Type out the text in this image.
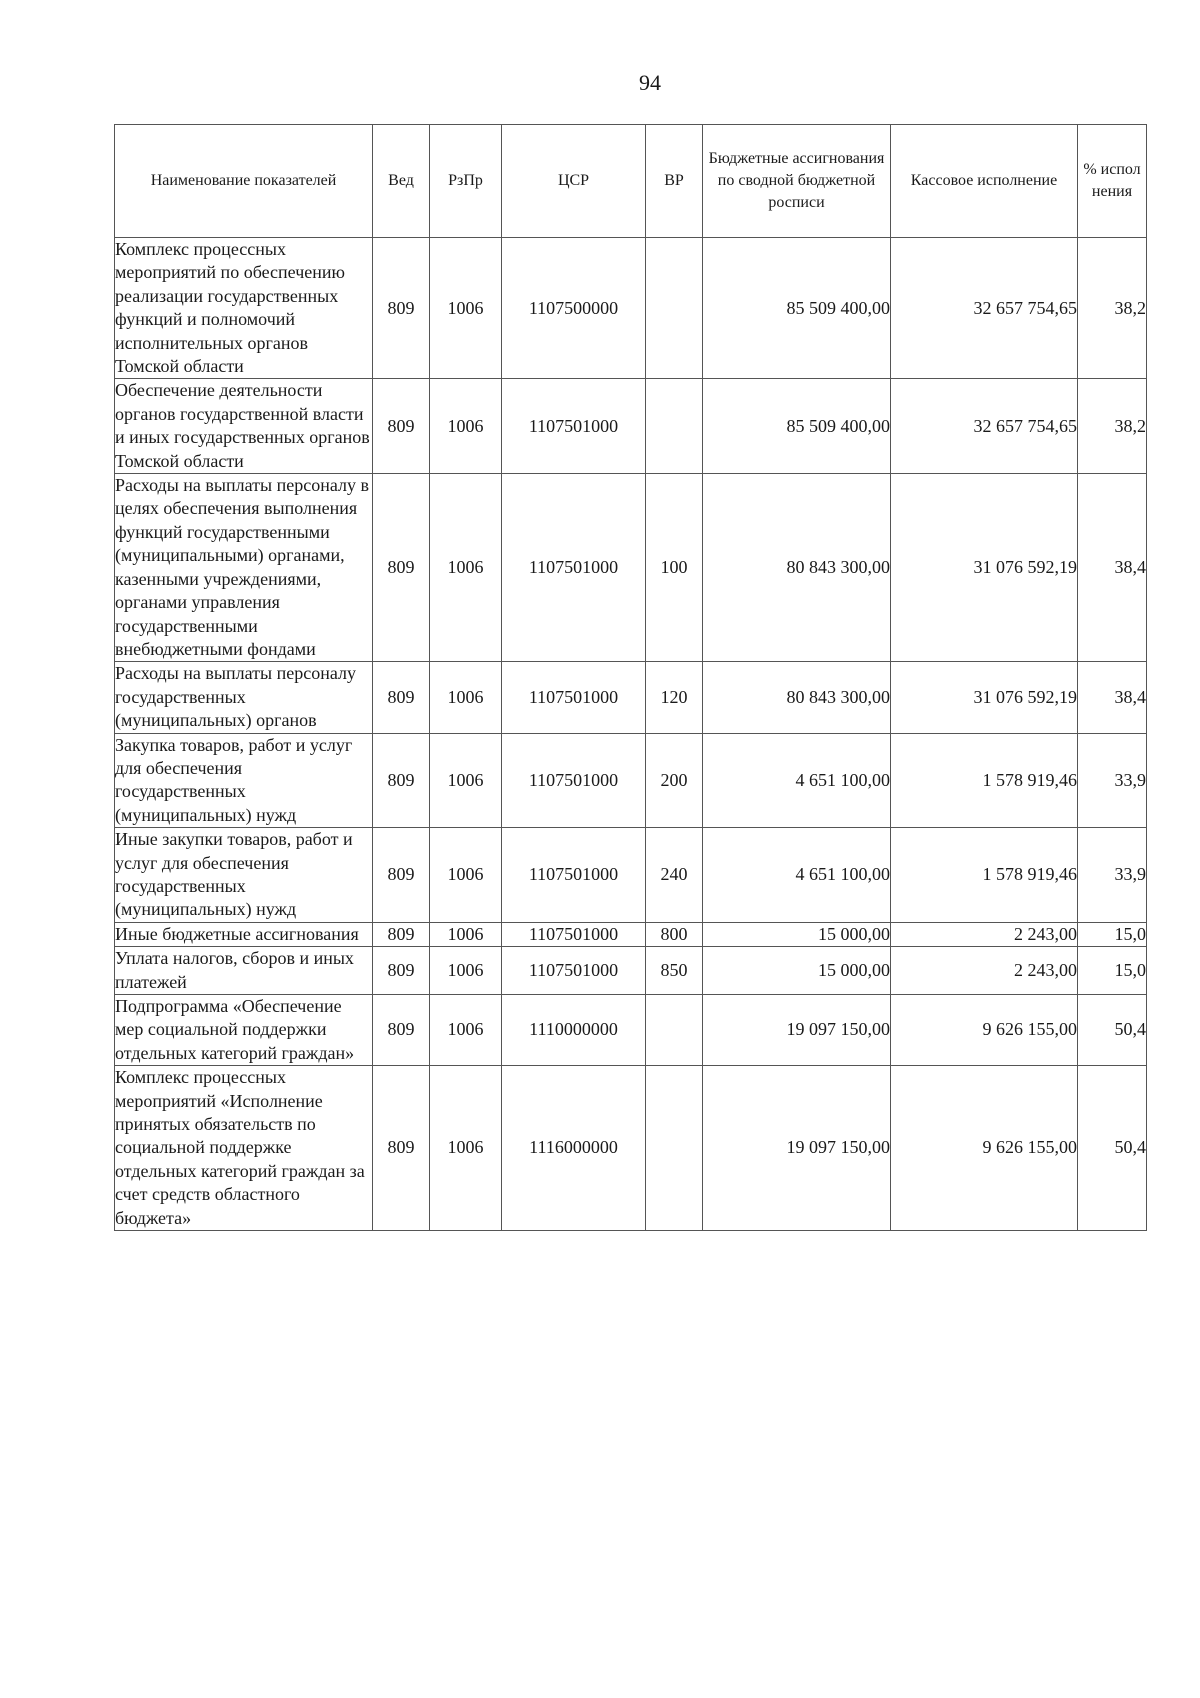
94
Наименование показателей	Вед	РзПр	ЦСР	ВР	Бюджетные ассигнования по сводной бюджетной росписи	Кассовое исполнение	% испол нения
Комплекс процессных мероприятий по обеспечению реализации государственных функций и полномочий исполнительных органов Томской области	809	1006	1107500000		85 509 400,00	32 657 754,65	38,2
Обеспечение деятельности органов государственной власти и иных государственных органов Томской области	809	1006	1107501000		85 509 400,00	32 657 754,65	38,2
Расходы на выплаты персоналу в целях обеспечения выполнения функций государственными (муниципальными) органами, казенными учреждениями, органами управления государственными внебюджетными фондами	809	1006	1107501000	100	80 843 300,00	31 076 592,19	38,4
Расходы на выплаты персоналу государственных (муниципальных) органов	809	1006	1107501000	120	80 843 300,00	31 076 592,19	38,4
Закупка товаров, работ и услуг для обеспечения государственных (муниципальных) нужд	809	1006	1107501000	200	4 651 100,00	1 578 919,46	33,9
Иные закупки товаров, работ и услуг для обеспечения государственных (муниципальных) нужд	809	1006	1107501000	240	4 651 100,00	1 578 919,46	33,9
Иные бюджетные ассигнования	809	1006	1107501000	800	15 000,00	2 243,00	15,0
Уплата налогов, сборов и иных платежей	809	1006	1107501000	850	15 000,00	2 243,00	15,0
Подпрограмма «Обеспечение мер социальной поддержки отдельных категорий граждан»	809	1006	1110000000		19 097 150,00	9 626 155,00	50,4
Комплекс процессных мероприятий «Исполнение принятых обязательств по социальной поддержке отдельных категорий граждан за счет средств областного бюджета»	809	1006	1116000000		19 097 150,00	9 626 155,00	50,4
